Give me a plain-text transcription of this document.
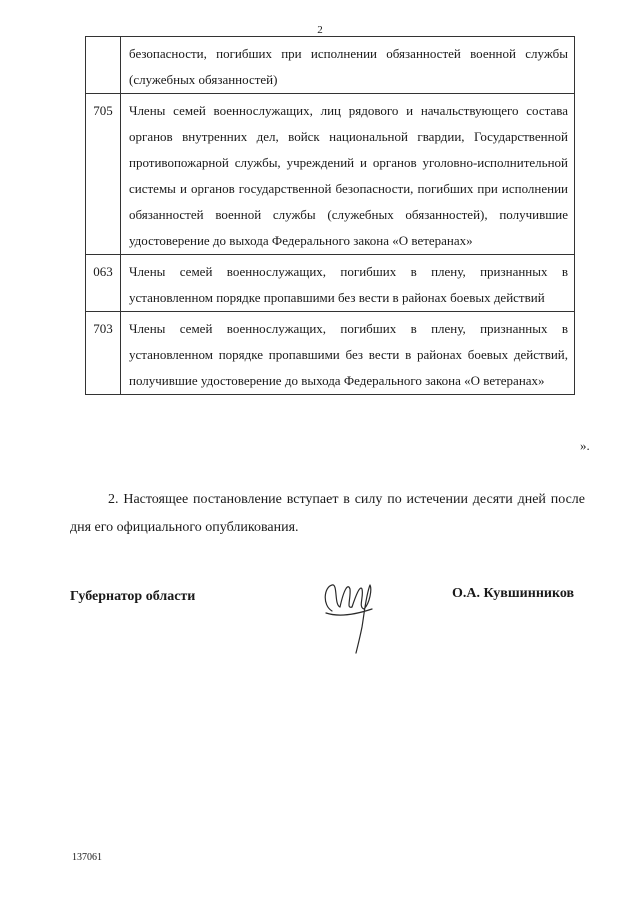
2
	безопасности, погибших при исполнении обязанностей военной службы (служебных обязанностей)
705	Члены семей военнослужащих, лиц рядового и начальствующего состава органов внутренних дел, войск национальной гвардии, Государственной противопожарной службы, учреждений и органов уголовно-исполнительной системы и органов государственной безопасности, погибших при исполнении обязанностей военной службы (служебных обязанностей), получившие удостоверение до выхода Федерального закона «О ветеранах»
063	Члены семей военнослужащих, погибших в плену, признанных в установленном порядке пропавшими без вести в районах боевых действий
703	Члены семей военнослужащих, погибших в плену, признанных в установленном порядке пропавшими без вести в районах боевых действий, получившие удостоверение до выхода Федерального закона «О ветеранах»
».
2. Настоящее постановление вступает в силу по истечении десяти дней после дня его официального опубликования.
Губернатор области	О.А. Кувшинников
137061
